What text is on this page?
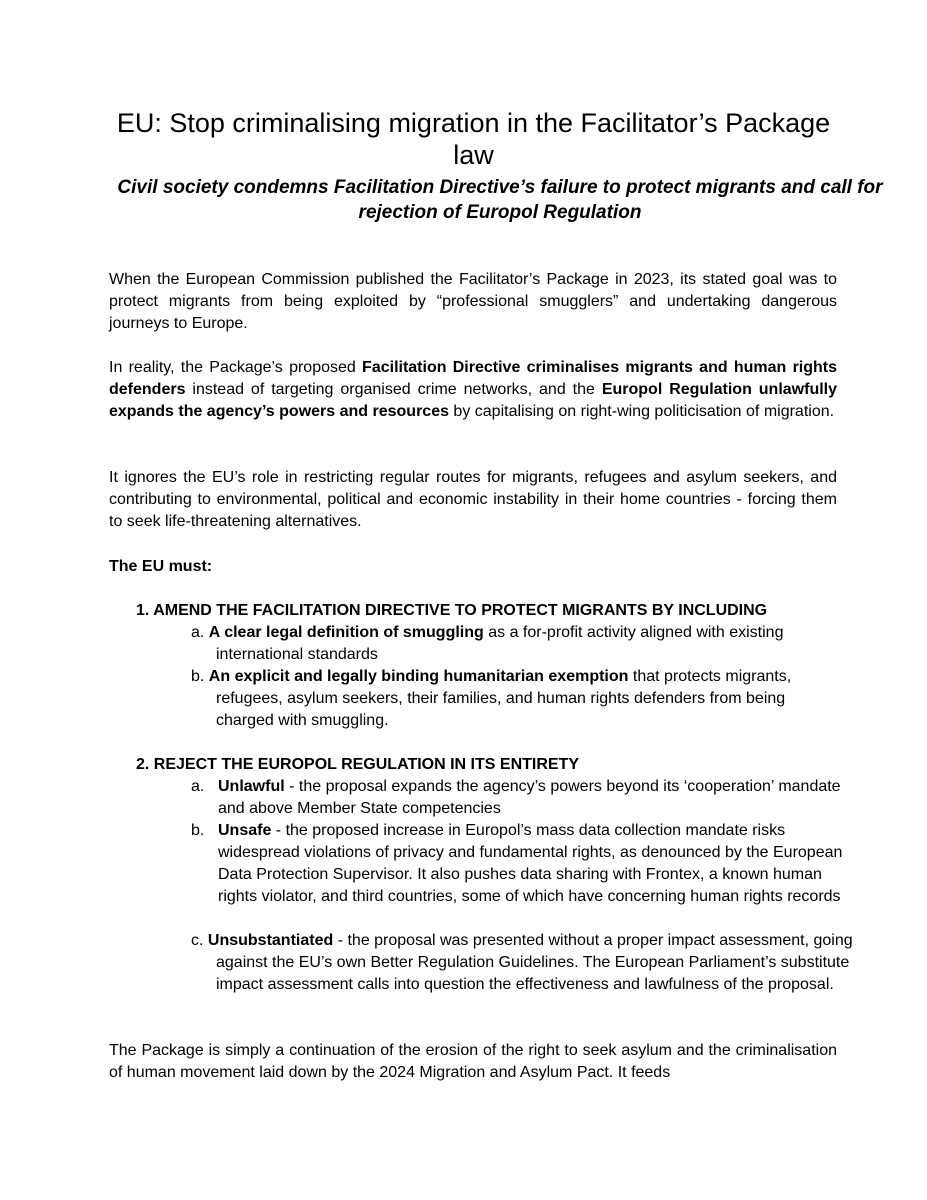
EU: Stop criminalising migration in the Facilitator’s Package law
Civil society condemns Facilitation Directive’s failure to protect migrants and call for rejection of Europol Regulation

When the European Commission published the Facilitator’s Package in 2023, its stated goal was to protect migrants from being exploited by “professional smugglers” and undertaking dangerous journeys to Europe.

In reality, the Package’s proposed Facilitation Directive criminalises migrants and human rights defenders instead of targeting organised crime networks, and the Europol Regulation unlawfully expands the agency’s powers and resources by capitalising on right-wing politicisation of migration.

It ignores the EU’s role in restricting regular routes for migrants, refugees and asylum seekers, and contributing to environmental, political and economic instability in their home countries - forcing them to seek life-threatening alternatives.

The EU must:

1. AMEND THE FACILITATION DIRECTIVE TO PROTECT MIGRANTS BY INCLUDING

a. A clear legal definition of smuggling as a for-profit activity aligned with existing international standards

b. An explicit and legally binding humanitarian exemption that protects migrants, refugees, asylum seekers, their families, and human rights defenders from being charged with smuggling.

2. REJECT THE EUROPOL REGULATION IN ITS ENTIRETY

a. Unlawful - the proposal expands the agency’s powers beyond its ‘cooperation’ mandate and above Member State competencies

b. Unsafe - the proposed increase in Europol’s mass data collection mandate risks widespread violations of privacy and fundamental rights, as denounced by the European Data Protection Supervisor. It also pushes data sharing with Frontex, a known human rights violator, and third countries, some of which have concerning human rights records

c. Unsubstantiated - the proposal was presented without a proper impact assessment, going against the EU’s own Better Regulation Guidelines. The European Parliament’s substitute impact assessment calls into question the effectiveness and lawfulness of the proposal.

The Package is simply a continuation of the erosion of the right to seek asylum and the criminalisation of human movement laid down by the 2024 Migration and Asylum Pact. It feeds
